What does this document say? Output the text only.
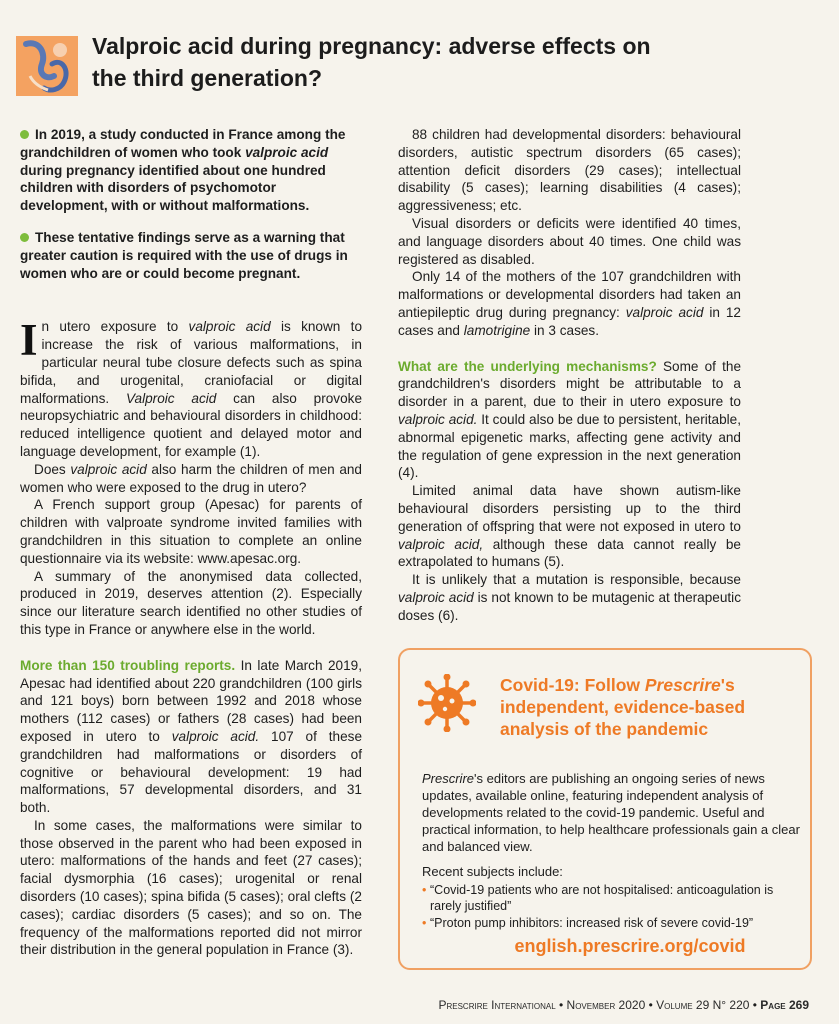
Valproic acid during pregnancy: adverse effects on the third generation?

In 2019, a study conducted in France among the grandchildren of women who took valproic acid during pregnancy identified about one hundred children with disorders of psychomotor development, with or without malformations.

These tentative findings serve as a warning that greater caution is required with the use of drugs in women who are or could become pregnant.

In utero exposure to valproic acid is known to increase the risk of various malformations, in particular neural tube closure defects such as spina bifida, and urogenital, craniofacial or digital malformations. Valproic acid can also provoke neuropsychiatric and behavioural disorders in childhood: reduced intelligence quotient and delayed motor and language development, for example (1).

Does valproic acid also harm the children of men and women who were exposed to the drug in utero?

A French support group (Apesac) for parents of children with valproate syndrome invited families with grandchildren in this situation to complete an online questionnaire via its website: www.apesac.org.

A summary of the anonymised data collected, produced in 2019, deserves attention (2). Especially since our literature search identified no other studies of this type in France or anywhere else in the world.

More than 150 troubling reports. In late March 2019, Apesac had identified about 220 grandchildren (100 girls and 121 boys) born between 1992 and 2018 whose mothers (112 cases) or fathers (28 cases) had been exposed in utero to valproic acid. 107 of these grandchildren had malformations or disorders of cognitive or behavioural development: 19 had malformations, 57 developmental disorders, and 31 both.

In some cases, the malformations were similar to those observed in the parent who had been exposed in utero: malformations of the hands and feet (27 cases); facial dysmorphia (16 cases); urogenital or renal disorders (10 cases); spina bifida (5 cases); oral clefts (2 cases); cardiac disorders (5 cases); and so on. The frequency of the malformations reported did not mirror their distribution in the general population in France (3).

88 children had developmental disorders: behavioural disorders, autistic spectrum disorders (65 cases); attention deficit disorders (29 cases); intellectual disability (5 cases); learning disabilities (4 cases); aggressiveness; etc.

Visual disorders or deficits were identified 40 times, and language disorders about 40 times. One child was registered as disabled.

Only 14 of the mothers of the 107 grandchildren with malformations or developmental disorders had taken an antiepileptic drug during pregnancy: valproic acid in 12 cases and lamotrigine in 3 cases.

What are the underlying mechanisms? Some of the grandchildren's disorders might be attributable to a disorder in a parent, due to their in utero exposure to valproic acid. It could also be due to persistent, heritable, abnormal epigenetic marks, affecting gene activity and the regulation of gene expression in the next generation (4).

Limited animal data have shown autism-like behavioural disorders persisting up to the third generation of offspring that were not exposed in utero to valproic acid, although these data cannot really be extrapolated to humans (5).

It is unlikely that a mutation is responsible, because valproic acid is not known to be mutagenic at therapeutic doses (6).

Covid-19: Follow Prescrire's independent, evidence-based analysis of the pandemic

Prescrire's editors are publishing an ongoing series of news updates, available online, featuring independent analysis of developments related to the covid-19 pandemic. Useful and practical information, to help healthcare professionals gain a clear and balanced view.

Recent subjects include:

• “Covid-19 patients who are not hospitalised: anticoagulation is rarely justified”
• “Proton pump inhibitors: increased risk of severe covid-19”

english.prescrire.org/covid

Prescrire International • November 2020 • Volume 29 N° 220 • Page 269
